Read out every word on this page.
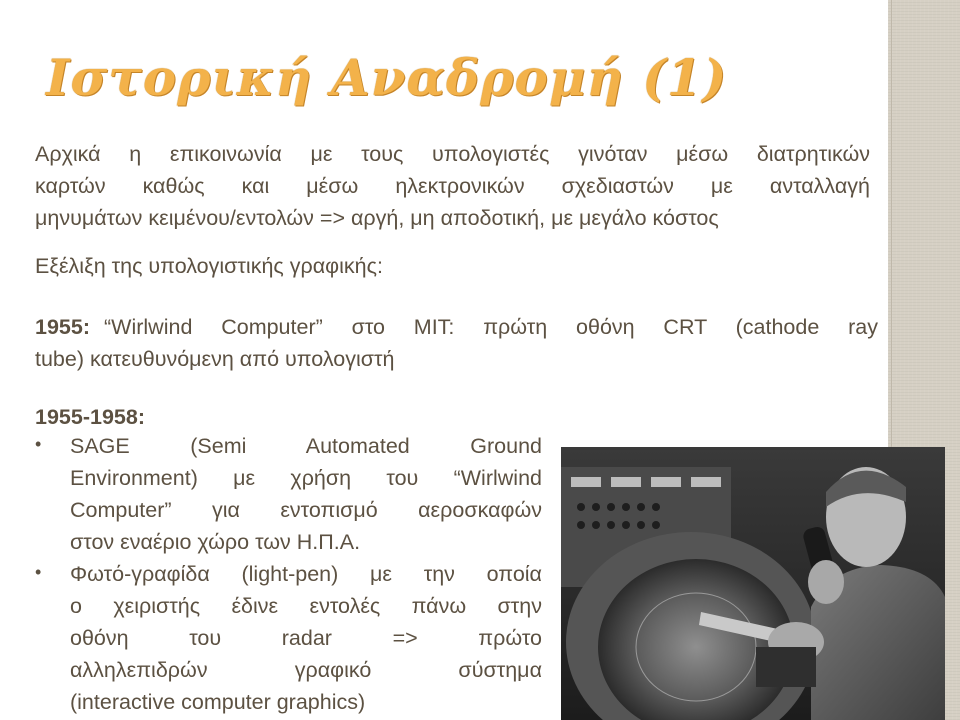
Ιστορική Αναδρομή (1)
Αρχικά η επικοινωνία με τους υπολογιστές γινόταν μέσω διατρητικών
καρτών καθώς και μέσω ηλεκτρονικών σχεδιαστών με ανταλλαγή
μηνυμάτων κειμένου/εντολών => αργή, μη αποδοτική, με μεγάλο κόστος
Εξέλιξη της υπολογιστικής γραφικής:
1955: “ Wirlwind Computer” στο MIT: πρώτη οθόνη CRT (cathode ray
tube) κατευθυνόμενη από υπολογιστή
1955-1958:
• SAGE (Semi Automated Ground
Environment) με χρήση του “Wirlwind
Computer” για εντοπισμό αεροσκαφών
στον εναέριο χώρο των Η.Π.Α.
• Φωτό-γραφίδα (light-pen) με την οποία
ο χειριστής έδινε εντολές πάνω στην
οθόνη του radar => πρώτο
αλληλεπιδρών γραφικό σύστημα
(interactive computer graphics)
